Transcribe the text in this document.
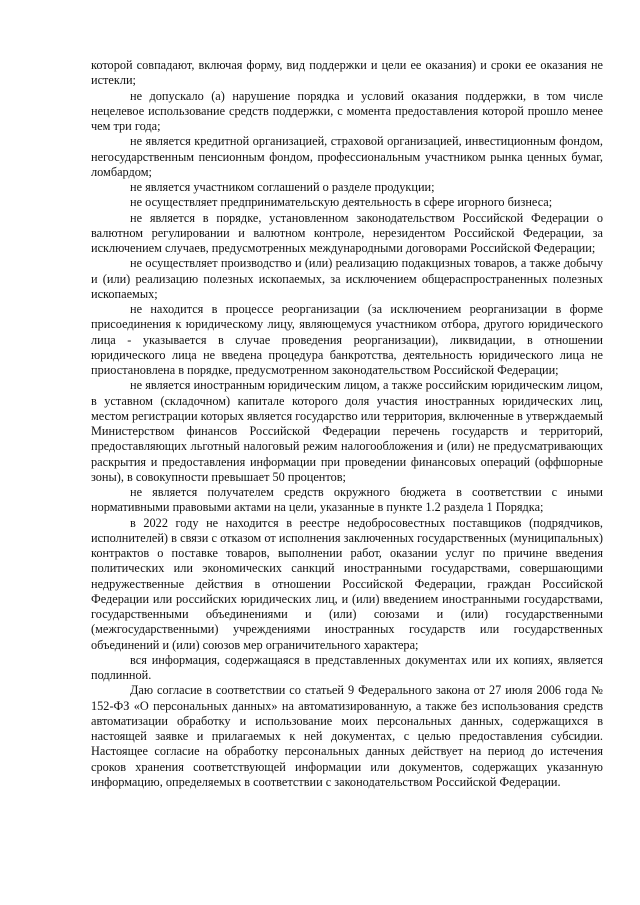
которой совпадают, включая форму, вид поддержки и цели ее оказания) и сроки ее оказания не истекли;

не допускало (а) нарушение порядка и условий оказания поддержки, в том числе нецелевое использование средств поддержки, с момента предоставления которой прошло менее чем три года;

не является кредитной организацией, страховой организацией, инвестиционным фондом, негосударственным пенсионным фондом, профессиональным участником рынка ценных бумаг, ломбардом;

не является участником соглашений о разделе продукции;

не осуществляет предпринимательскую деятельность в сфере игорного бизнеса;

не является в порядке, установленном законодательством Российской Федерации о валютном регулировании и валютном контроле, нерезидентом Российской Федерации, за исключением случаев, предусмотренных международными договорами Российской Федерации;

не осуществляет производство и (или) реализацию подакцизных товаров, а также добычу и (или) реализацию полезных ископаемых, за исключением общераспространенных полезных ископаемых;

не находится в процессе реорганизации (за исключением реорганизации в форме присоединения к юридическому лицу, являющемуся участником отбора, другого юридического лица - указывается в случае проведения реорганизации), ликвидации, в отношении юридического лица не введена процедура банкротства, деятельность юридического лица не приостановлена в порядке, предусмотренном законодательством Российской Федерации;

не является иностранным юридическим лицом, а также российским юридическим лицом, в уставном (складочном) капитале которого доля участия иностранных юридических лиц, местом регистрации которых является государство или территория, включенные в утверждаемый Министерством финансов Российской Федерации перечень государств и территорий, предоставляющих льготный налоговый режим налогообложения и (или) не предусматривающих раскрытия и предоставления информации при проведении финансовых операций (оффшорные зоны), в совокупности превышает 50 процентов;

не является получателем средств окружного бюджета в соответствии с иными нормативными правовыми актами на цели, указанные в пункте 1.2 раздела 1 Порядка;

в 2022 году не находится в реестре недобросовестных поставщиков (подрядчиков, исполнителей) в связи с отказом от исполнения заключенных государственных (муниципальных) контрактов о поставке товаров, выполнении работ, оказании услуг по причине введения политических или экономических санкций иностранными государствами, совершающими недружественные действия в отношении Российской Федерации, граждан Российской Федерации или российских юридических лиц, и (или) введением иностранными государствами, государственными объединениями и (или) союзами и (или) государственными (межгосударственными) учреждениями иностранных государств или государственных объединений и (или) союзов мер ограничительного характера;

вся информация, содержащаяся в представленных документах или их копиях, является подлинной.

Даю согласие в соответствии со статьей 9 Федерального закона от 27 июля 2006 года № 152-ФЗ «О персональных данных» на автоматизированную, а также без использования средств автоматизации обработку и использование моих персональных данных, содержащихся в настоящей заявке и прилагаемых к ней документах, с целью предоставления субсидии. Настоящее согласие на обработку персональных данных действует на период до истечения сроков хранения соответствующей информации или документов, содержащих указанную информацию, определяемых в соответствии с законодательством Российской Федерации.
